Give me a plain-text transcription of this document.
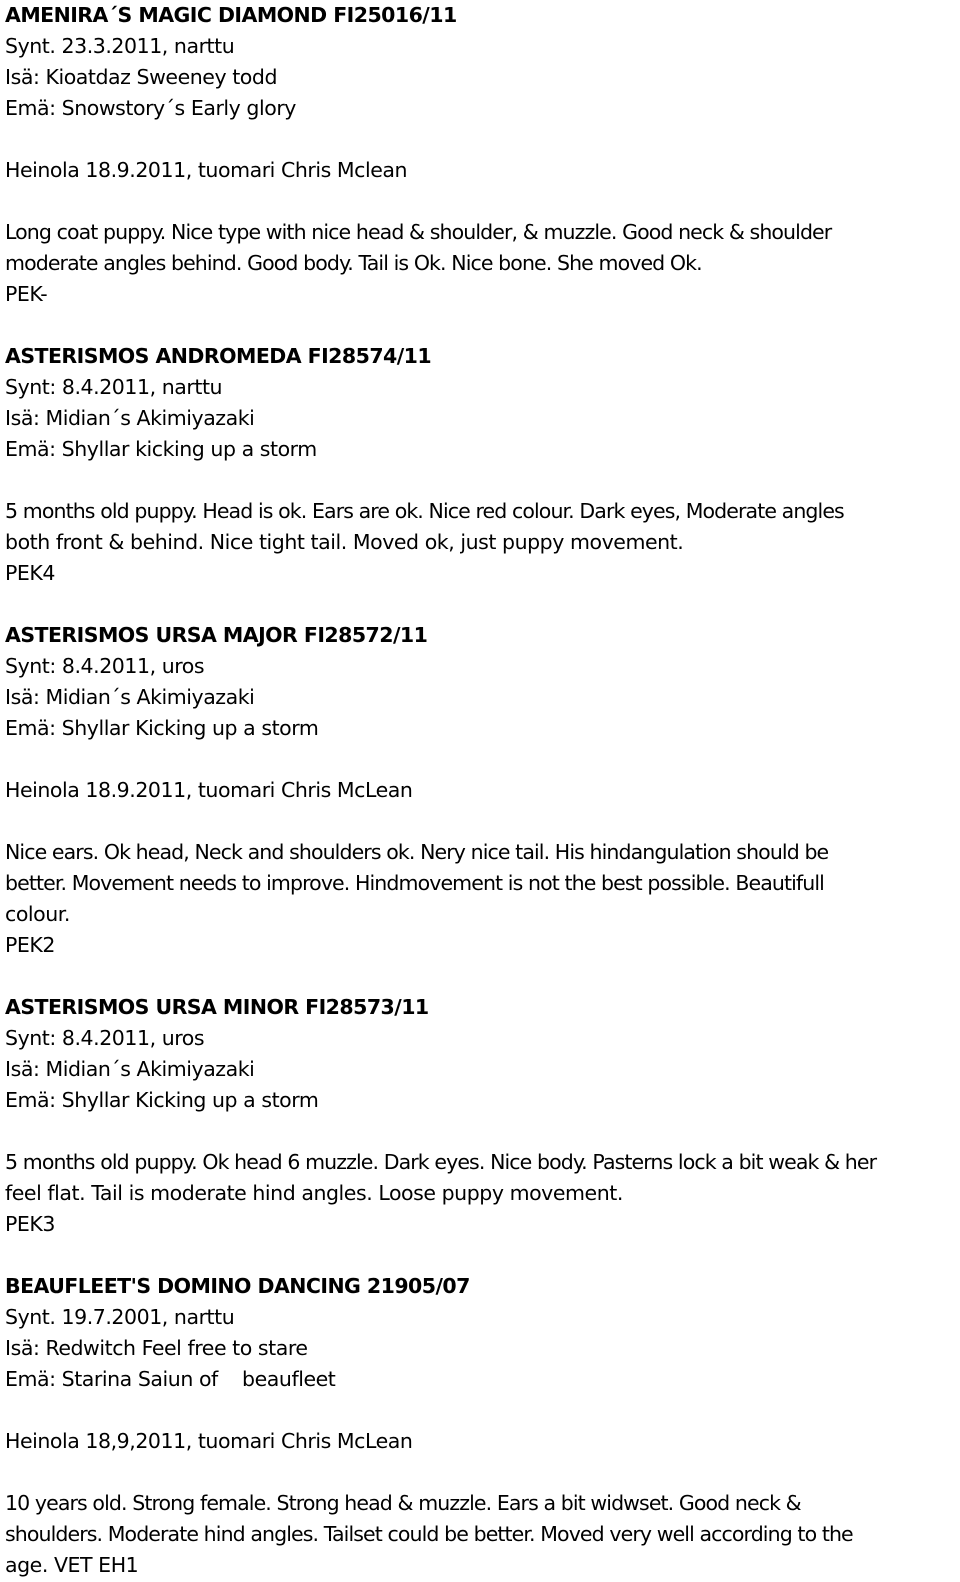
AMENIRA´S MAGIC DIAMOND FI25016/11
Synt. 23.3.2011, narttu
Isä: Kioatdaz Sweeney todd
Emä: Snowstory´s Early glory
Heinola 18.9.2011, tuomari Chris Mclean
Long coat puppy. Nice type with nice head & shoulder, & muzzle. Good neck & shoulder
moderate angles behind. Good body. Tail is Ok. Nice bone. She moved Ok.
PEK-
ASTERISMOS ANDROMEDA FI28574/11
Synt: 8.4.2011, narttu
Isä: Midian´s Akimiyazaki
Emä: Shyllar kicking up a storm
5 months old puppy. Head is ok. Ears are ok. Nice red colour. Dark eyes, Moderate angles
both front & behind. Nice tight tail. Moved ok, just puppy movement.
PEK4
ASTERISMOS URSA MAJOR FI28572/11
Synt: 8.4.2011, uros
Isä: Midian´s Akimiyazaki
Emä: Shyllar Kicking up a storm
Heinola 18.9.2011, tuomari Chris McLean
Nice ears. Ok head, Neck and shoulders ok. Nery nice tail. His hindangulation should be
better. Movement needs to improve. Hindmovement is not the best possible. Beautifull
colour.
PEK2
ASTERISMOS URSA MINOR FI28573/11
Synt: 8.4.2011, uros
Isä: Midian´s Akimiyazaki
Emä: Shyllar Kicking up a storm
5 months old puppy. Ok head 6 muzzle. Dark eyes. Nice body. Pasterns lock a bit weak & her
feel flat. Tail is moderate hind angles. Loose puppy movement.
PEK3
BEAUFLEET'S DOMINO DANCING 21905/07
Synt. 19.7.2001, narttu
Isä: Redwitch Feel free to stare
Emä: Starina Saiun of    beaufleet
Heinola 18,9,2011, tuomari Chris McLean
10 years old. Strong female. Strong head & muzzle. Ears a bit widwset. Good neck &
shoulders. Moderate hind angles. Tailset could be better. Moved very well according to the
age. VET EH1
